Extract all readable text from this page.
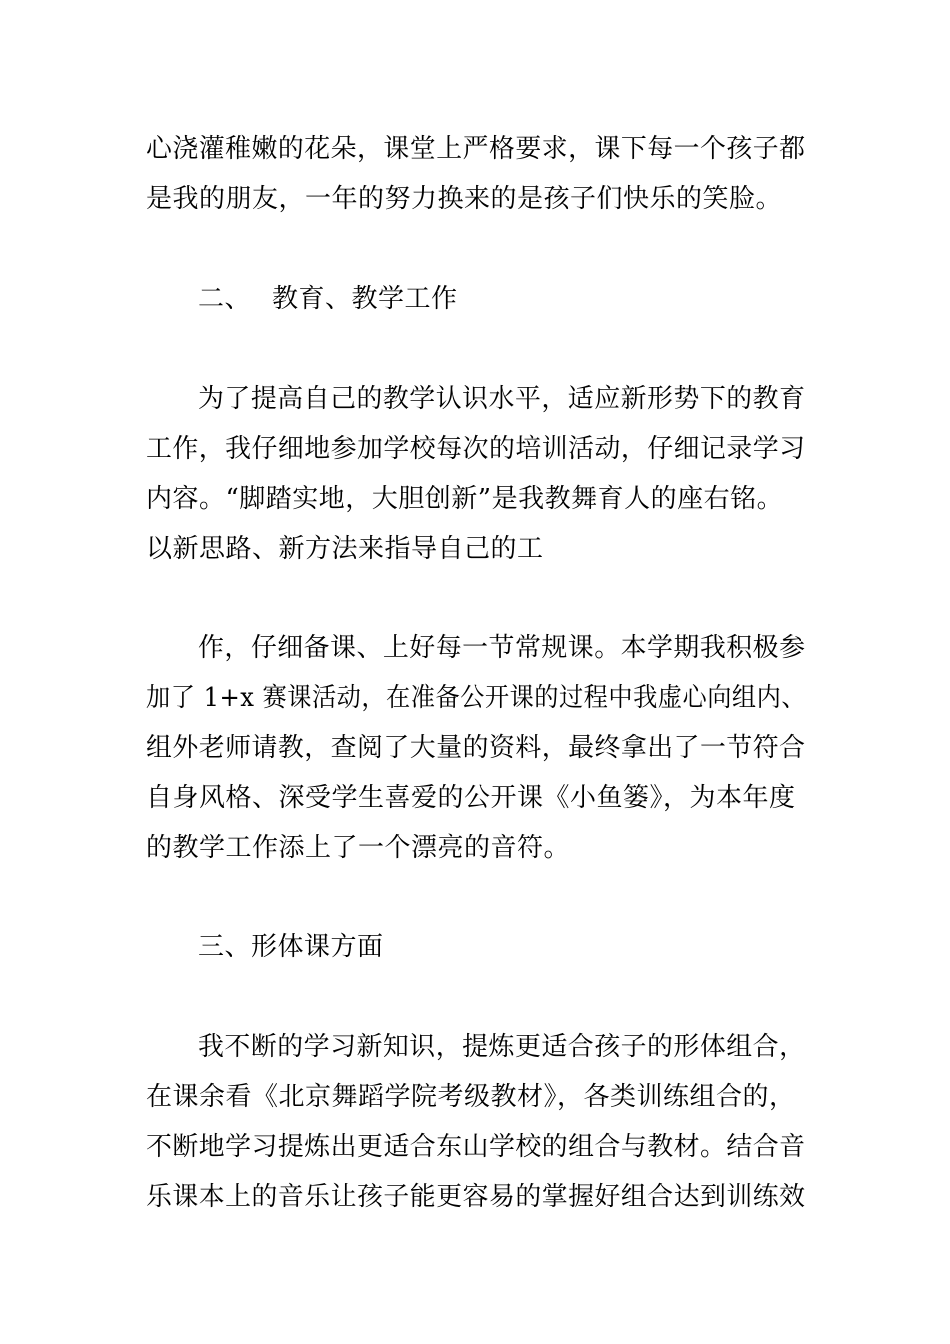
心浇灌稚嫩的花朵，课堂上严格要求，课下每一个孩子都
是我的朋友，一年的努力换来的是孩子们快乐的笑脸。
二、 教育、教学工作
为了提高自己的教学认识水平，适应新形势下的教育
工作，我仔细地参加学校每次的培训活动，仔细记录学习
内容。“脚踏实地，大胆创新”是我教舞育人的座右铭。
以新思路、新方法来指导自己的工
作，仔细备课、上好每一节常规课。本学期我积极参
加了 1+x 赛课活动，在准备公开课的过程中我虚心向组内、
组外老师请教，查阅了大量的资料，最终拿出了一节符合
自身风格、深受学生喜爱的公开课《小鱼篓》，为本年度
的教学工作添上了一个漂亮的音符。
三、形体课方面
我不断的学习新知识，提炼更适合孩子的形体组合，
在课余看《北京舞蹈学院考级教材》，各类训练组合的，
不断地学习提炼出更适合东山学校的组合与教材。结合音
乐课本上的音乐让孩子能更容易的掌握好组合达到训练效
